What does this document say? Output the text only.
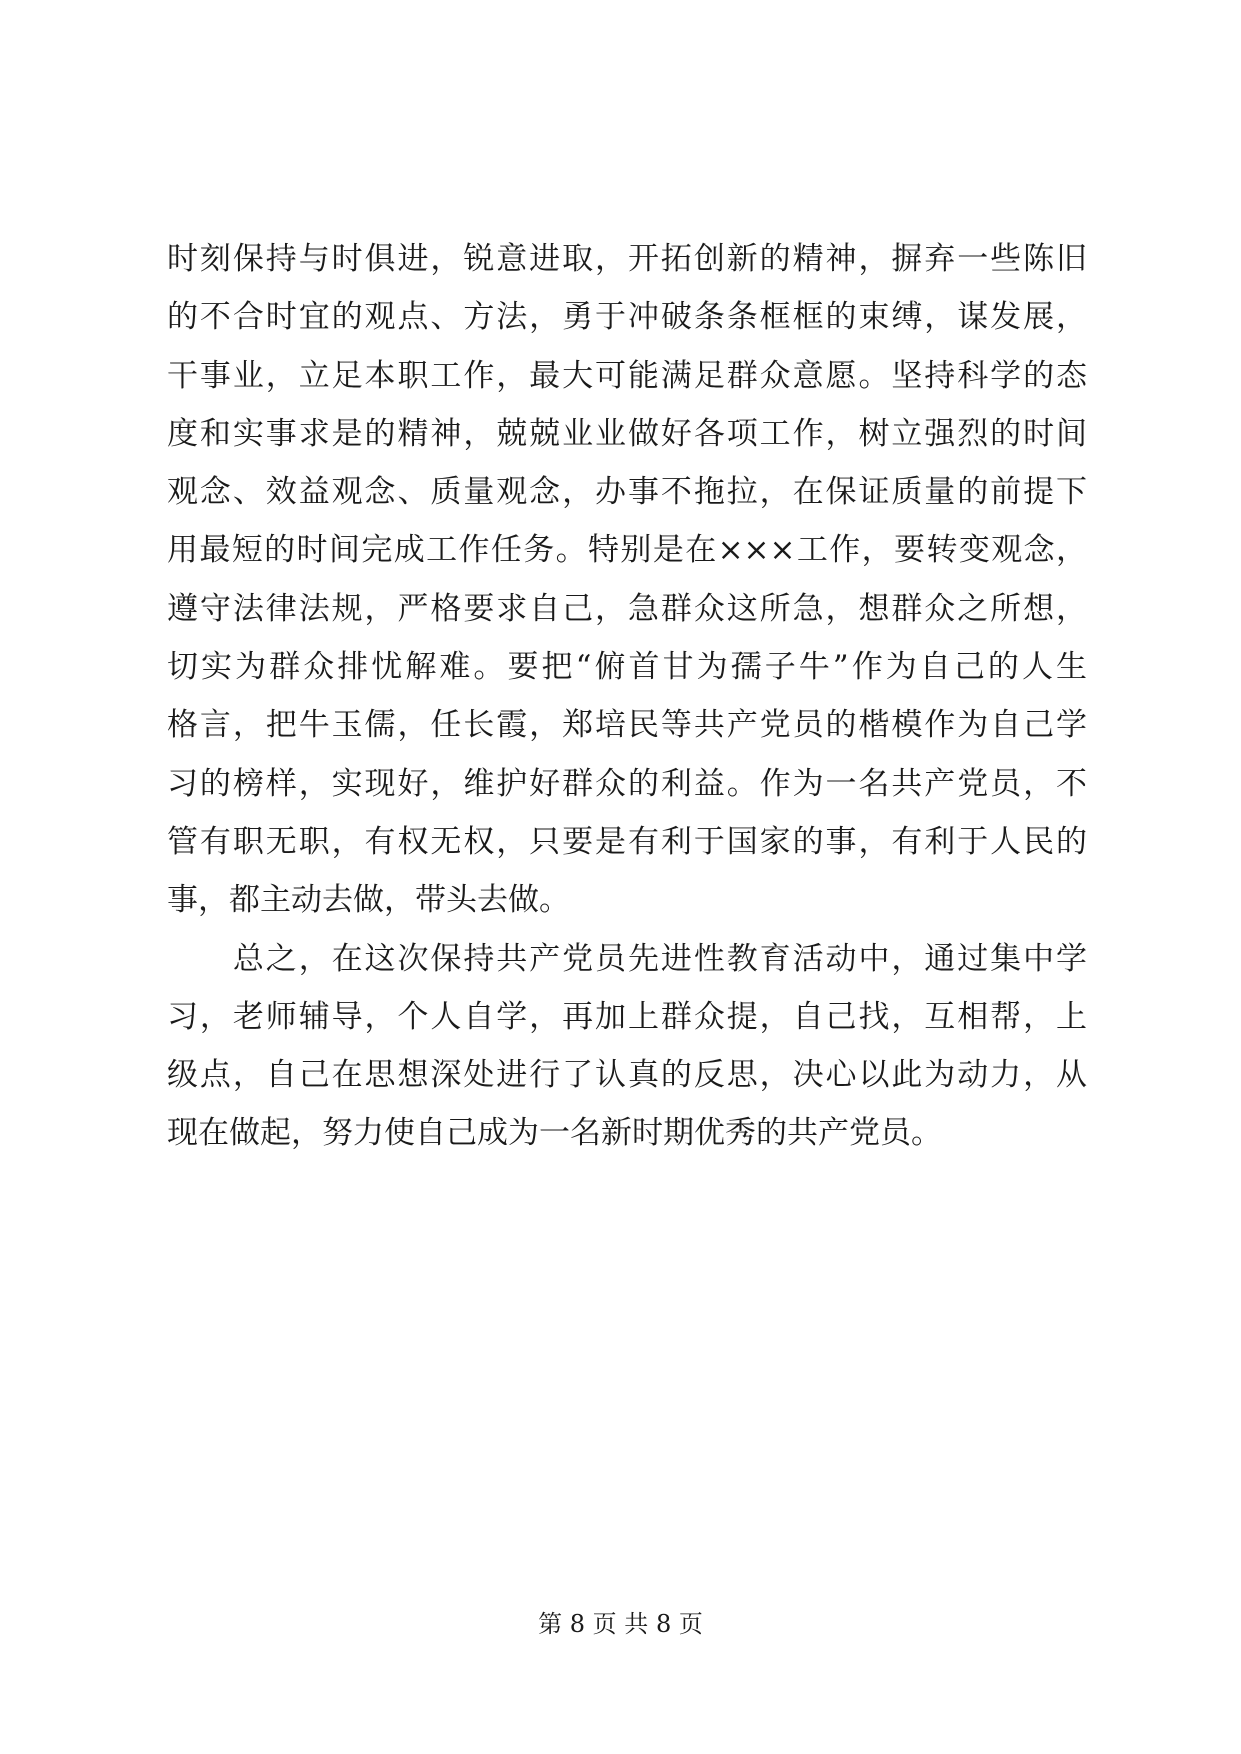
时刻保持与时俱进，锐意进取，开拓创新的精神，摒弃一些陈旧
的不合时宜的观点、方法，勇于冲破条条框框的束缚，谋发展，
干事业，立足本职工作，最大可能满足群众意愿。坚持科学的态
度和实事求是的精神，兢兢业业做好各项工作，树立强烈的时间
观念、效益观念、质量观念，办事不拖拉，在保证质量的前提下
用最短的时间完成工作任务。特别是在×××工作，要转变观念，
遵守法律法规，严格要求自己，急群众这所急，想群众之所想，
切实为群众排忧解难。要把“俯首甘为孺子牛”作为自己的人生
格言，把牛玉儒，任长霞，郑培民等共产党员的楷模作为自己学
习的榜样，实现好，维护好群众的利益。作为一名共产党员，不
管有职无职，有权无权，只要是有利于国家的事，有利于人民的
事，都主动去做，带头去做。
　　总之，在这次保持共产党员先进性教育活动中，通过集中学
习，老师辅导，个人自学，再加上群众提，自己找，互相帮，上
级点，自己在思想深处进行了认真的反思，决心以此为动力，从
现在做起，努力使自己成为一名新时期优秀的共产党员。
第 8 页 共 8 页
